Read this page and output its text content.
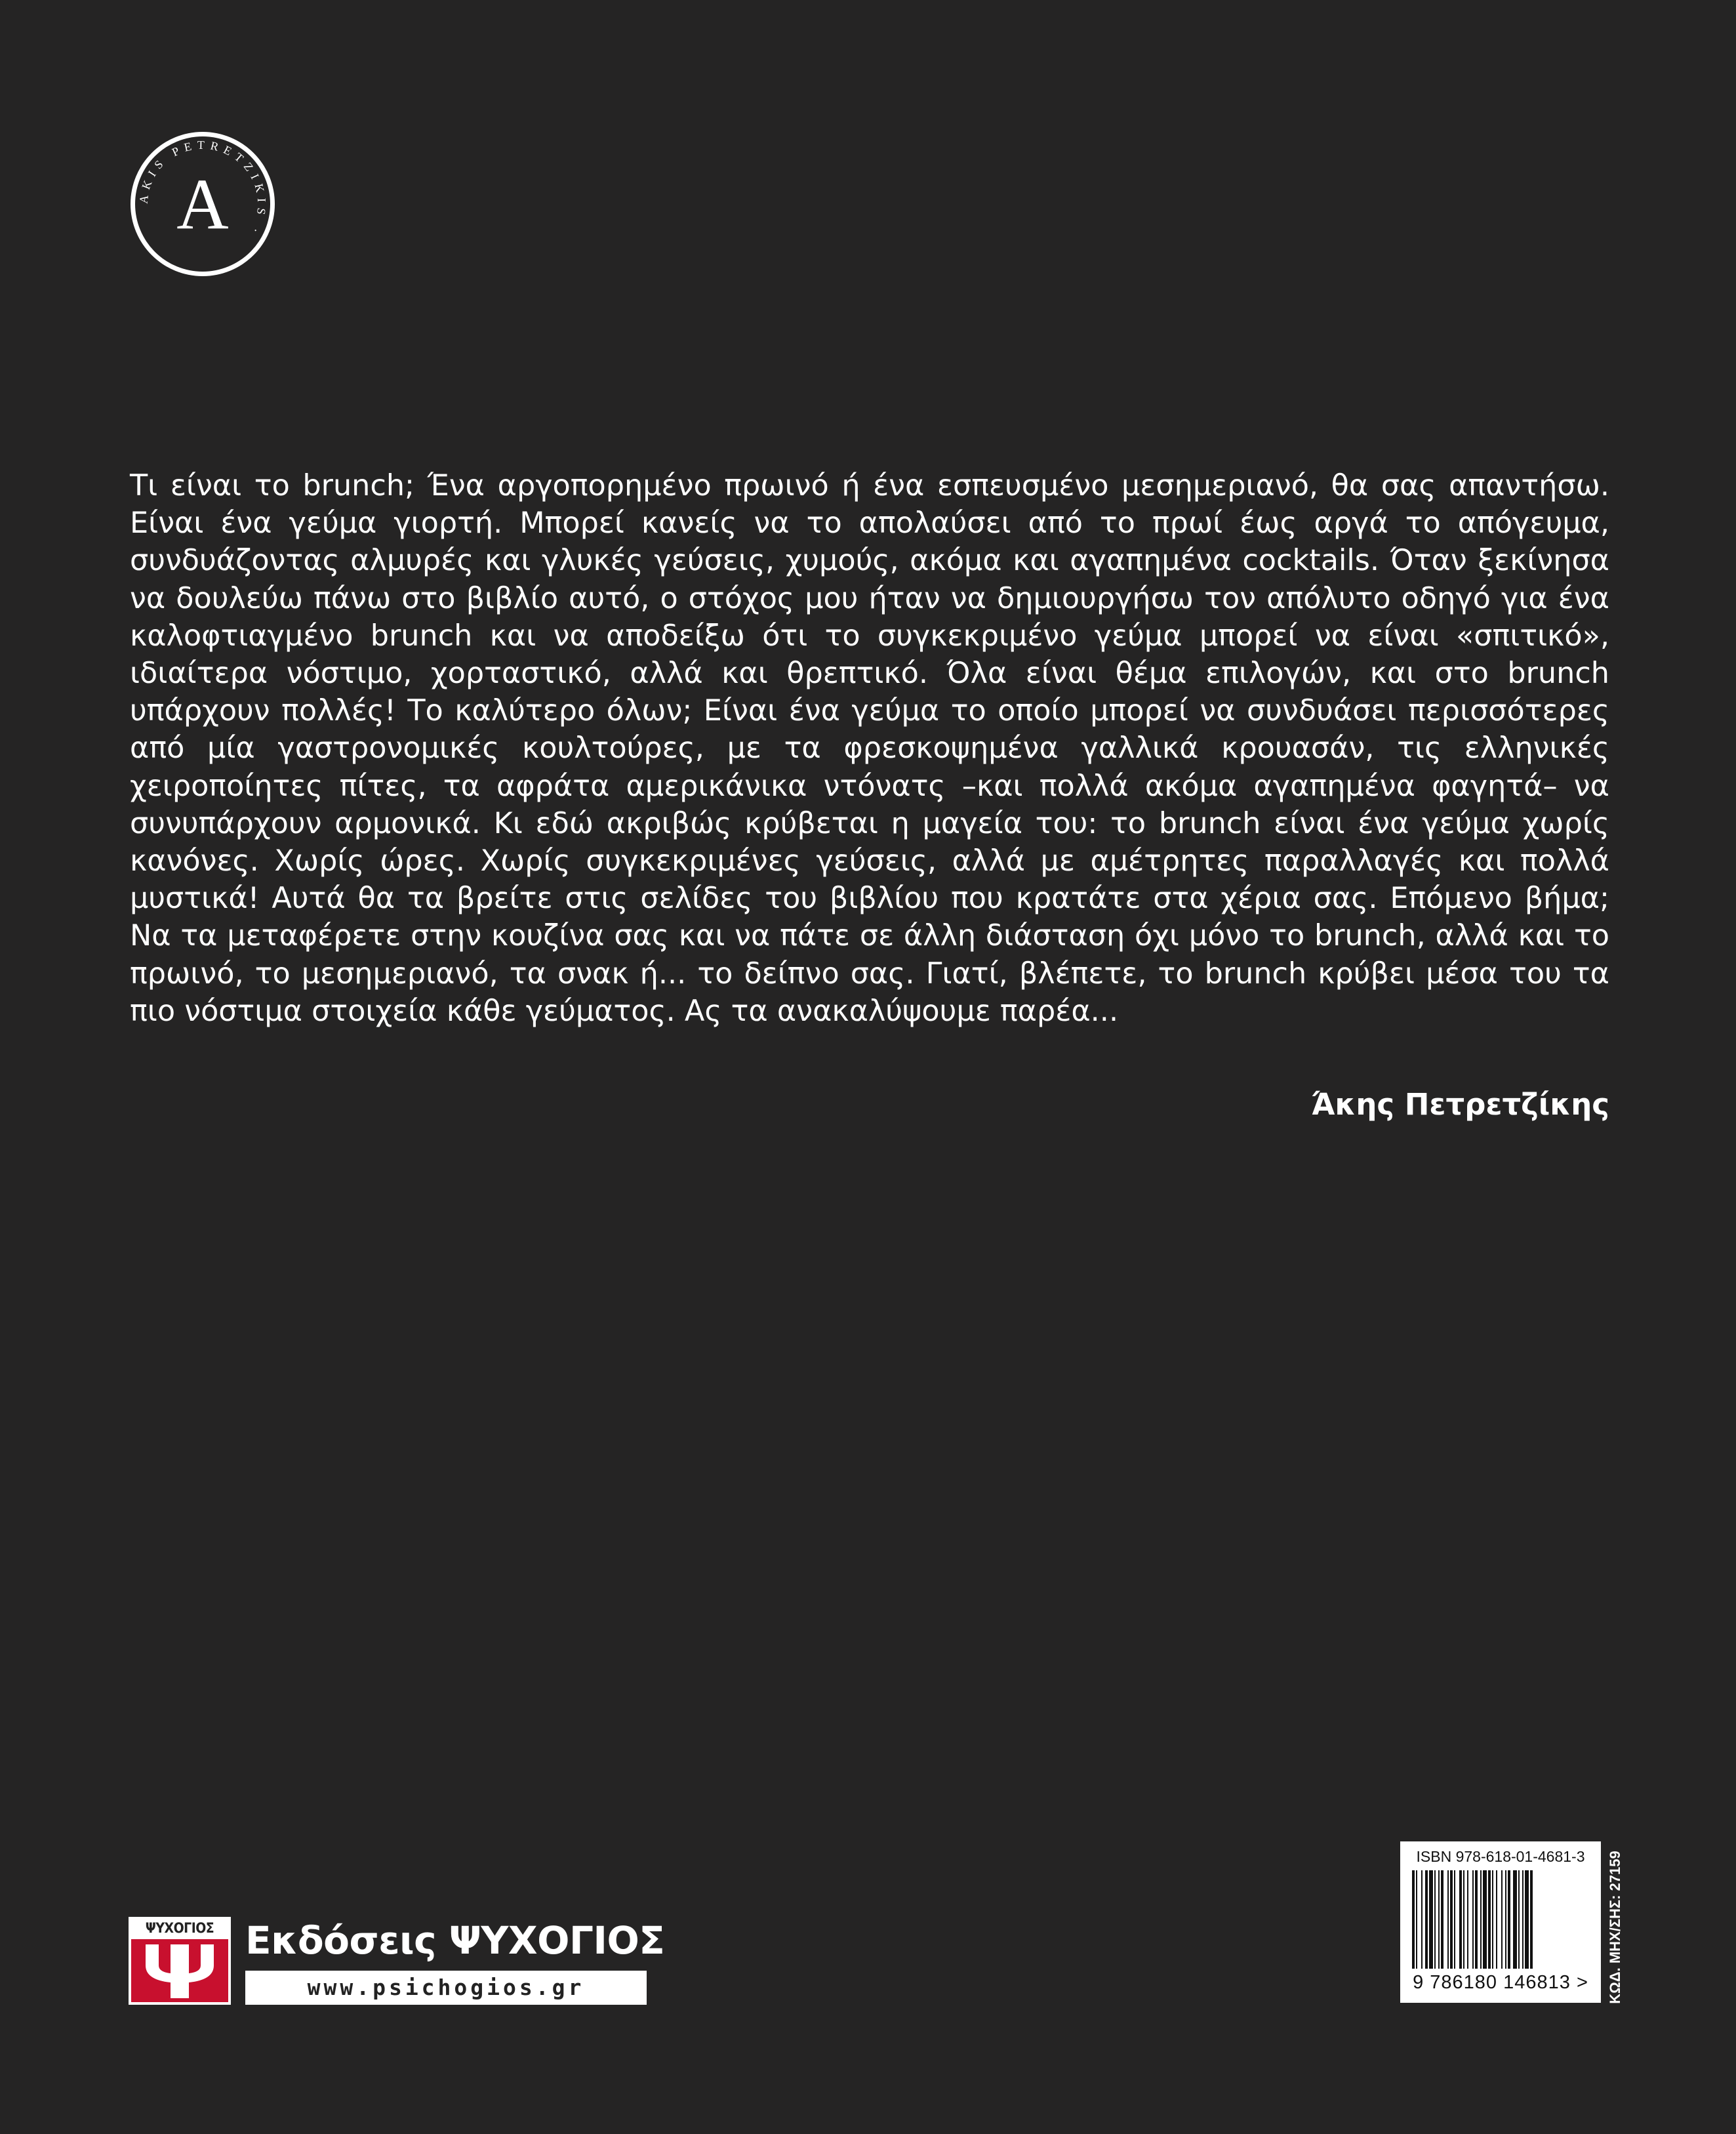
AKIS PETRETZIKIS ·
A

Τι είναι το brunch; Ένα αργοπορημένο πρωινό ή ένα εσπευσμένο μεσημεριανό, θα σας απαντήσω. Είναι ένα γεύμα γιορτή. Μπορεί κανείς να το απολαύσει από το πρωί έως αργά το απόγευμα, συνδυάζοντας αλμυρές και γλυκές γεύσεις, χυμούς, ακόμα και αγαπημένα cocktails. Όταν ξεκίνησα να δουλεύω πάνω στο βιβλίο αυτό, ο στόχος μου ήταν να δημιουργήσω τον απόλυτο οδηγό για ένα καλοφτιαγμένο brunch και να αποδείξω ότι το συγκεκριμένο γεύμα μπορεί να είναι «σπιτικό», ιδιαίτερα νόστιμο, χορταστικό, αλλά και θρεπτικό. Όλα είναι θέμα επιλογών, και στο brunch υπάρχουν πολλές! Το καλύτερο όλων; Είναι ένα γεύμα το οποίο μπορεί να συνδυάσει περισσότερες από μία γαστρονομικές κουλτούρες, με τα φρεσκοψημένα γαλλικά κρουασάν, τις ελληνικές χειροποίητες πίτες, τα αφράτα αμερικάνικα ντόνατς –και πολλά ακόμα αγαπημένα φαγητά– να συνυπάρχουν αρμονικά. Κι εδώ ακριβώς κρύβεται η μαγεία του: το brunch είναι ένα γεύμα χωρίς κανόνες. Χωρίς ώρες. Χωρίς συγκεκριμένες γεύσεις, αλλά με αμέτρητες παραλλαγές και πολλά μυστικά! Αυτά θα τα βρείτε στις σελίδες του βιβλίου που κρατάτε στα χέρια σας. Επόμενο βήμα; Να τα μεταφέρετε στην κουζίνα σας και να πάτε σε άλλη διάσταση όχι μόνο το brunch, αλλά και το πρωινό, το μεσημεριανό, τα σνακ ή... το δείπνο σας. Γιατί, βλέπετε, το brunch κρύβει μέσα του τα πιο νόστιμα στοιχεία κάθε γεύματος. Ας τα ανακαλύψουμε παρέα...

Άκης Πετρετζίκης
ΨΥΧΟΓΙΟΣ Εκδόσεις ΨΥΧΟΓΙΟΣ
www.psichogios.gr
ISBN 978-618-01-4681-3
9 786180 146813 >	ΚΩΔ. ΜΗΧ/ΣΗΣ: 27159
